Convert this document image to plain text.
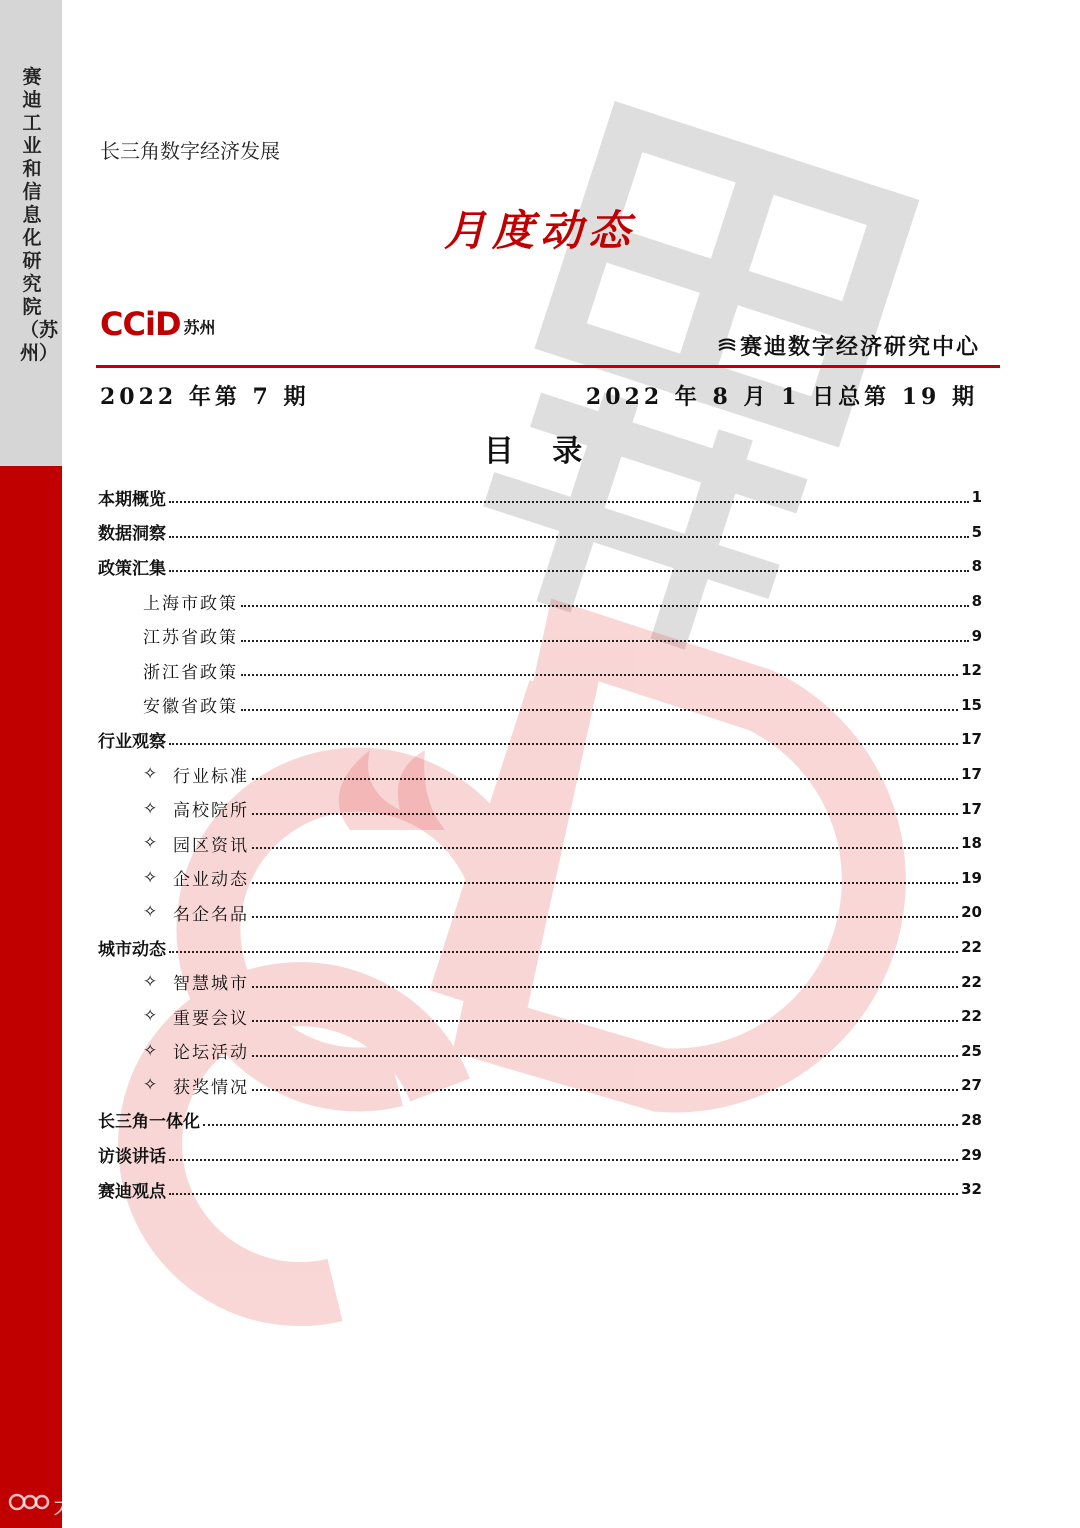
赛迪工业和信息化研究院（苏州）
大数跨境
长三角数字经济发展
月度动态
CCiD 苏州
赛迪数字经济研究中心
2022 年第 7 期	2022 年 8 月 1 日总第 19 期
目 录
本期概览	1
数据洞察	5
政策汇集	8
上海市政策	8
江苏省政策	9
浙江省政策	12
安徽省政策	15
行业观察	17
✧ 行业标准	17
✧ 高校院所	17
✧ 园区资讯	18
✧ 企业动态	19
✧ 名企名品	20
城市动态	22
✧ 智慧城市	22
✧ 重要会议	22
✧ 论坛活动	25
✧ 获奖情况	27
长三角一体化	28
访谈讲话	29
赛迪观点	32
